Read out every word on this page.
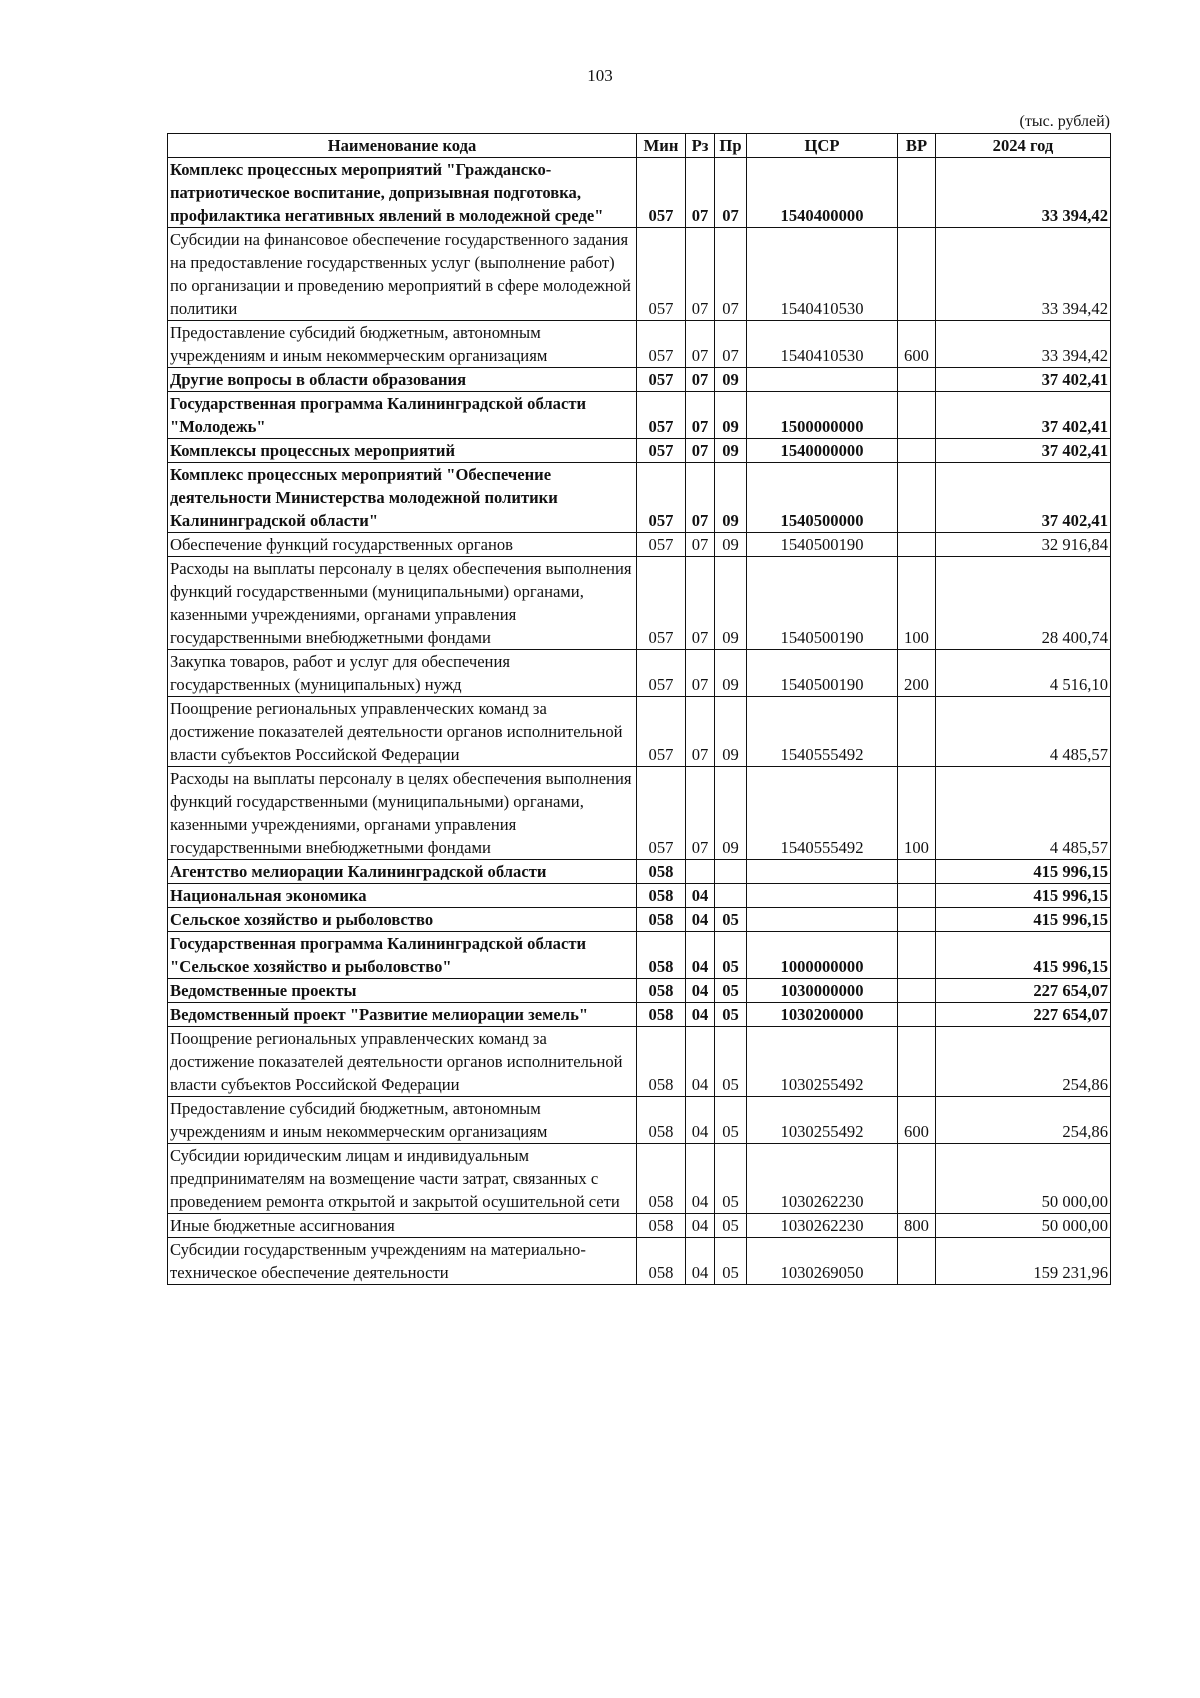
103
(тыс. рублей)
Наименование кода	Мин	Рз	Пр	ЦСР	ВР	2024 год
Комплекс процессных мероприятий "Гражданско-патриотическое воспитание, допризывная подготовка, профилактика негативных явлений в молодежной среде"	057	07	07	1540400000		33 394,42
Субсидии на финансовое обеспечение государственного задания на предоставление государственных услуг (выполнение работ) по организации и проведению мероприятий в сфере молодежной политики	057	07	07	1540410530		33 394,42
Предоставление субсидий бюджетным, автономным учреждениям и иным некоммерческим организациям	057	07	07	1540410530	600	33 394,42
Другие вопросы в области образования	057	07	09			37 402,41
Государственная программа Калининградской области "Молодежь"	057	07	09	1500000000		37 402,41
Комплексы процессных мероприятий	057	07	09	1540000000		37 402,41
Комплекс процессных мероприятий "Обеспечение деятельности Министерства молодежной политики Калининградской области"	057	07	09	1540500000		37 402,41
Обеспечение функций государственных органов	057	07	09	1540500190		32 916,84
Расходы на выплаты персоналу в целях обеспечения выполнения функций государственными (муниципальными) органами, казенными учреждениями, органами управления государственными внебюджетными фондами	057	07	09	1540500190	100	28 400,74
Закупка товаров, работ и услуг для обеспечения государственных (муниципальных) нужд	057	07	09	1540500190	200	4 516,10
Поощрение региональных управленческих команд за достижение показателей деятельности органов исполнительной власти субъектов Российской Федерации	057	07	09	1540555492		4 485,57
Расходы на выплаты персоналу в целях обеспечения выполнения функций государственными (муниципальными) органами, казенными учреждениями, органами управления государственными внебюджетными фондами	057	07	09	1540555492	100	4 485,57
Агентство мелиорации Калининградской области	058					415 996,15
Национальная экономика	058	04				415 996,15
Сельское хозяйство и рыболовство	058	04	05			415 996,15
Государственная программа Калининградской области "Сельское хозяйство и рыболовство"	058	04	05	1000000000		415 996,15
Ведомственные проекты	058	04	05	1030000000		227 654,07
Ведомственный проект "Развитие мелиорации земель"	058	04	05	1030200000		227 654,07
Поощрение региональных управленческих команд за достижение показателей деятельности органов исполнительной власти субъектов Российской Федерации	058	04	05	1030255492		254,86
Предоставление субсидий бюджетным, автономным учреждениям и иным некоммерческим организациям	058	04	05	1030255492	600	254,86
Субсидии юридическим лицам и индивидуальным предпринимателям на возмещение части затрат, связанных с проведением ремонта открытой и закрытой осушительной сети	058	04	05	1030262230		50 000,00
Иные бюджетные ассигнования	058	04	05	1030262230	800	50 000,00
Субсидии государственным учреждениям на материально-техническое обеспечение деятельности	058	04	05	1030269050		159 231,96
